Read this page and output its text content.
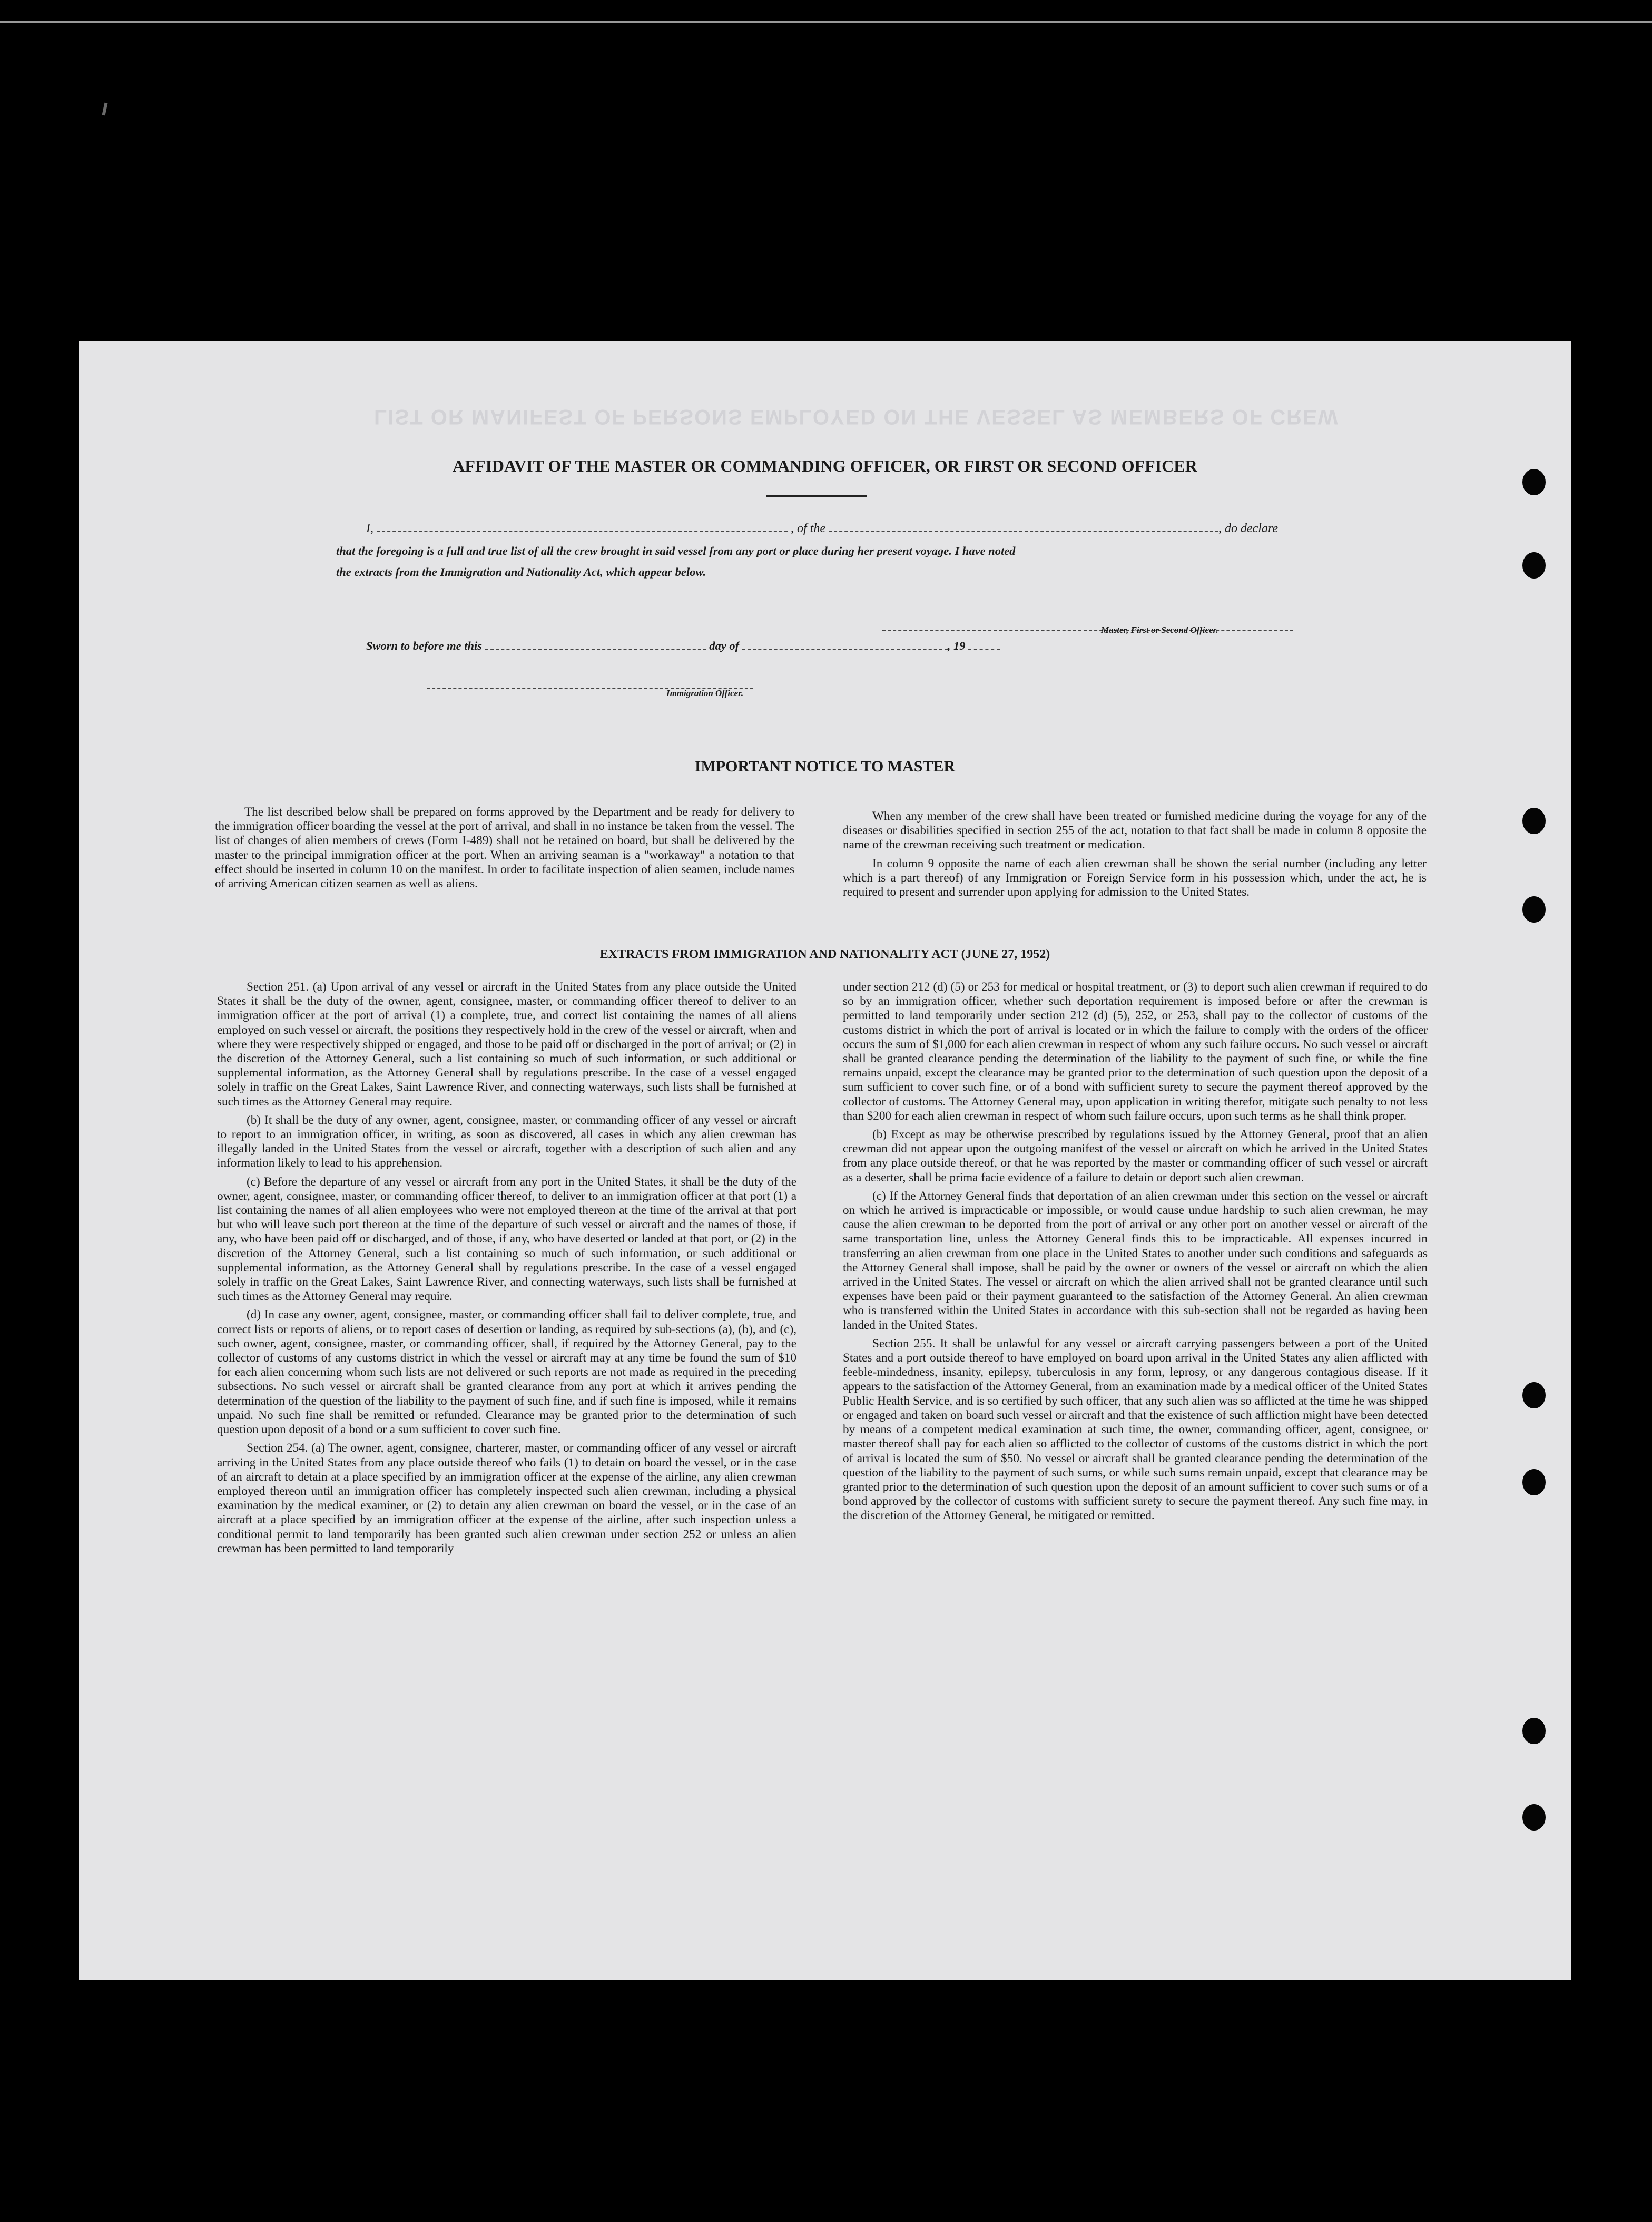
LIST OR MANIFEST OF PERSONS EMPLOYED ON THE VESSEL AS MEMBERS OF CREW
AFFIDAVIT OF THE MASTER OR COMMANDING OFFICER, OR FIRST OR SECOND OFFICER
I,	, of the	, do declare
that the foregoing is a full and true list of all the crew brought in said vessel from any port or place during her present voyage. I have noted
the extracts from the Immigration and Nationality Act, which appear below.
Master, First or Second Officer.
Sworn to before me this	day of	, 19
Immigration Officer.
IMPORTANT NOTICE TO MASTER

The list described below shall be prepared on forms approved by the Department and be ready for delivery to the immigration officer boarding the vessel at the port of arrival, and shall in no instance be taken from the vessel. The list of changes of alien members of crews (Form I-489) shall not be retained on board, but shall be delivered by the master to the principal immigration officer at the port. When an arriving seaman is a "workaway" a notation to that effect should be inserted in column 10 on the manifest. In order to facilitate inspection of alien seamen, include names of arriving American citizen seamen as well as aliens.

When any member of the crew shall have been treated or furnished medicine during the voyage for any of the diseases or disabilities specified in section 255 of the act, notation to that fact shall be made in column 8 opposite the name of the crewman receiving such treatment or medication.

In column 9 opposite the name of each alien crewman shall be shown the serial number (including any letter which is a part thereof) of any Immigration or Foreign Service form in his possession which, under the act, he is required to present and surrender upon applying for admission to the United States.

EXTRACTS FROM IMMIGRATION AND NATIONALITY ACT (JUNE 27, 1952)

Section 251. (a) Upon arrival of any vessel or aircraft in the United States from any place outside the United States it shall be the duty of the owner, agent, consignee, master, or commanding officer thereof to deliver to an immigration officer at the port of arrival (1) a complete, true, and correct list containing the names of all aliens employed on such vessel or aircraft, the positions they respectively hold in the crew of the vessel or aircraft, when and where they were respectively shipped or engaged, and those to be paid off or discharged in the port of arrival; or (2) in the discretion of the Attorney General, such a list containing so much of such information, or such additional or supplemental information, as the Attorney General shall by regulations prescribe. In the case of a vessel engaged solely in traffic on the Great Lakes, Saint Lawrence River, and connecting waterways, such lists shall be furnished at such times as the Attorney General may require.

(b) It shall be the duty of any owner, agent, consignee, master, or commanding officer of any vessel or aircraft to report to an immigration officer, in writing, as soon as discovered, all cases in which any alien crewman has illegally landed in the United States from the vessel or aircraft, together with a description of such alien and any information likely to lead to his apprehension.

(c) Before the departure of any vessel or aircraft from any port in the United States, it shall be the duty of the owner, agent, consignee, master, or commanding officer thereof, to deliver to an immigration officer at that port (1) a list containing the names of all alien employees who were not employed thereon at the time of the arrival at that port but who will leave such port thereon at the time of the departure of such vessel or aircraft and the names of those, if any, who have been paid off or discharged, and of those, if any, who have deserted or landed at that port, or (2) in the discretion of the Attorney General, such a list containing so much of such information, or such additional or supplemental information, as the Attorney General shall by regulations prescribe. In the case of a vessel engaged solely in traffic on the Great Lakes, Saint Lawrence River, and connecting waterways, such lists shall be furnished at such times as the Attorney General may require.

(d) In case any owner, agent, consignee, master, or commanding officer shall fail to deliver complete, true, and correct lists or reports of aliens, or to report cases of desertion or landing, as required by sub-sections (a), (b), and (c), such owner, agent, consignee, master, or commanding officer, shall, if required by the Attorney General, pay to the collector of customs of any customs district in which the vessel or aircraft may at any time be found the sum of $10 for each alien concerning whom such lists are not delivered or such reports are not made as required in the preceding subsections. No such vessel or aircraft shall be granted clearance from any port at which it arrives pending the determination of the question of the liability to the payment of such fine, and if such fine is imposed, while it remains unpaid. No such fine shall be remitted or refunded. Clearance may be granted prior to the determination of such question upon deposit of a bond or a sum sufficient to cover such fine.

Section 254. (a) The owner, agent, consignee, charterer, master, or commanding officer of any vessel or aircraft arriving in the United States from any place outside thereof who fails (1) to detain on board the vessel, or in the case of an aircraft to detain at a place specified by an immigration officer at the expense of the airline, any alien crewman employed thereon until an immigration officer has completely inspected such alien crewman, including a physical examination by the medical examiner, or (2) to detain any alien crewman on board the vessel, or in the case of an aircraft at a place specified by an immigration officer at the expense of the airline, after such inspection unless a conditional permit to land temporarily has been granted such alien crewman under section 252 or unless an alien crewman has been permitted to land temporarily

under section 212 (d) (5) or 253 for medical or hospital treatment, or (3) to deport such alien crewman if required to do so by an immigration officer, whether such deportation requirement is imposed before or after the crewman is permitted to land temporarily under section 212 (d) (5), 252, or 253, shall pay to the collector of customs of the customs district in which the port of arrival is located or in which the failure to comply with the orders of the officer occurs the sum of $1,000 for each alien crewman in respect of whom any such failure occurs. No such vessel or aircraft shall be granted clearance pending the determination of the liability to the payment of such fine, or while the fine remains unpaid, except the clearance may be granted prior to the determination of such question upon the deposit of a sum sufficient to cover such fine, or of a bond with sufficient surety to secure the payment thereof approved by the collector of customs. The Attorney General may, upon application in writing therefor, mitigate such penalty to not less than $200 for each alien crewman in respect of whom such failure occurs, upon such terms as he shall think proper.

(b) Except as may be otherwise prescribed by regulations issued by the Attorney General, proof that an alien crewman did not appear upon the outgoing manifest of the vessel or aircraft on which he arrived in the United States from any place outside thereof, or that he was reported by the master or commanding officer of such vessel or aircraft as a deserter, shall be prima facie evidence of a failure to detain or deport such alien crewman.

(c) If the Attorney General finds that deportation of an alien crewman under this section on the vessel or aircraft on which he arrived is impracticable or impossible, or would cause undue hardship to such alien crewman, he may cause the alien crewman to be deported from the port of arrival or any other port on another vessel or aircraft of the same transportation line, unless the Attorney General finds this to be impracticable. All expenses incurred in transferring an alien crewman from one place in the United States to another under such conditions and safeguards as the Attorney General shall impose, shall be paid by the owner or owners of the vessel or aircraft on which the alien arrived in the United States. The vessel or aircraft on which the alien arrived shall not be granted clearance until such expenses have been paid or their payment guaranteed to the satisfaction of the Attorney General. An alien crewman who is transferred within the United States in accordance with this sub-section shall not be regarded as having been landed in the United States.

Section 255. It shall be unlawful for any vessel or aircraft carrying passengers between a port of the United States and a port outside thereof to have employed on board upon arrival in the United States any alien afflicted with feeble-mindedness, insanity, epilepsy, tuberculosis in any form, leprosy, or any dangerous contagious disease. If it appears to the satisfaction of the Attorney General, from an examination made by a medical officer of the United States Public Health Service, and is so certified by such officer, that any such alien was so afflicted at the time he was shipped or engaged and taken on board such vessel or aircraft and that the existence of such affliction might have been detected by means of a competent medical examination at such time, the owner, commanding officer, agent, consignee, or master thereof shall pay for each alien so afflicted to the collector of customs of the customs district in which the port of arrival is located the sum of $50. No vessel or aircraft shall be granted clearance pending the determination of the question of the liability to the payment of such sums, or while such sums remain unpaid, except that clearance may be granted prior to the determination of such question upon the deposit of an amount sufficient to cover such sums or of a bond approved by the collector of customs with sufficient surety to secure the payment thereof. Any such fine may, in the discretion of the Attorney General, be mitigated or remitted.
